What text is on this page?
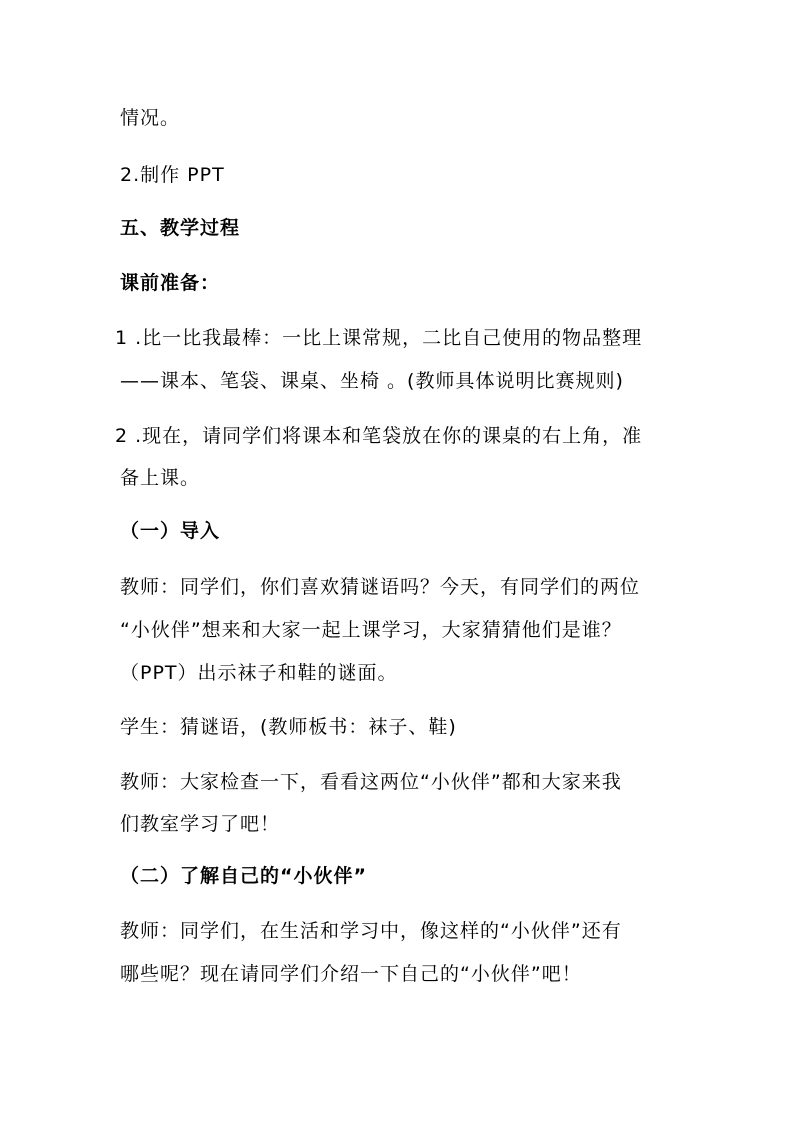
情况。
2.制作 PPT
五、教学过程
课前准备：
1 .比一比我最棒：一比上课常规，二比自己使用的物品整理
——课本、笔袋、课桌、坐椅 。(教师具体说明比赛规则)
2 .现在，请同学们将课本和笔袋放在你的课桌的右上角，准
备上课。
（一）导入
教师：同学们，你们喜欢猜谜语吗？今天，有同学们的两位
“小伙伴”想来和大家一起上课学习，大家猜猜他们是谁？
（PPT）出示袜子和鞋的谜面。
学生：猜谜语，(教师板书：袜子、鞋)
教师：大家检查一下，看看这两位“小伙伴”都和大家来我
们教室学习了吧！
（二）了解自己的“小伙伴”
教师：同学们，在生活和学习中，像这样的“小伙伴”还有
哪些呢？现在请同学们介绍一下自己的“小伙伴”吧！
